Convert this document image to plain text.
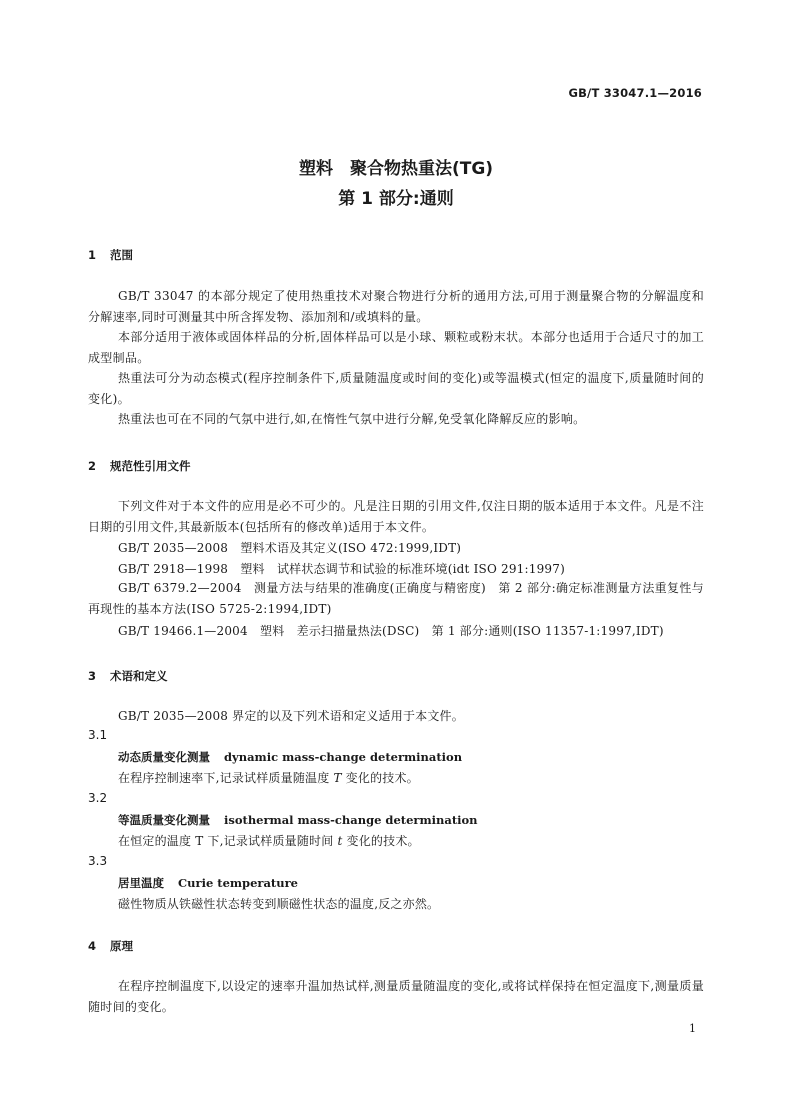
GB/T 33047.1—2016
塑料　聚合物热重法(TG)
第 1 部分:通则
1 范围
GB/T 33047 的本部分规定了使用热重技术对聚合物进行分析的通用方法,可用于测量聚合物的分解温度和分解速率,同时可测量其中所含挥发物、添加剂和/或填料的量。
本部分适用于液体或固体样品的分析,固体样品可以是小球、颗粒或粉末状。本部分也适用于合适尺寸的加工成型制品。
热重法可分为动态模式(程序控制条件下,质量随温度或时间的变化)或等温模式(恒定的温度下,质量随时间的变化)。
热重法也可在不同的气氛中进行,如,在惰性气氛中进行分解,免受氧化降解反应的影响。
2 规范性引用文件
下列文件对于本文件的应用是必不可少的。凡是注日期的引用文件,仅注日期的版本适用于本文件。凡是不注日期的引用文件,其最新版本(包括所有的修改单)适用于本文件。
GB/T 2035—2008　塑料术语及其定义(ISO 472:1999,IDT)
GB/T 2918—1998　塑料　试样状态调节和试验的标准环境(idt ISO 291:1997)
GB/T 6379.2—2004　测量方法与结果的准确度(正确度与精密度)　第 2 部分:确定标准测量方法重复性与再现性的基本方法(ISO 5725-2:1994,IDT)
GB/T 19466.1—2004　塑料　差示扫描量热法(DSC)　第 1 部分:通则(ISO 11357-1:1997,IDT)
3 术语和定义
GB/T 2035—2008 界定的以及下列术语和定义适用于本文件。
3.1
动态质量变化测量 dynamic mass-change determination
在程序控制速率下,记录试样质量随温度 T 变化的技术。
3.2
等温质量变化测量 isothermal mass-change determination
在恒定的温度 T 下,记录试样质量随时间 t 变化的技术。
3.3
居里温度 Curie temperature
磁性物质从铁磁性状态转变到顺磁性状态的温度,反之亦然。
4 原理
在程序控制温度下,以设定的速率升温加热试样,测量质量随温度的变化,或将试样保持在恒定温度下,测量质量随时间的变化。
1
